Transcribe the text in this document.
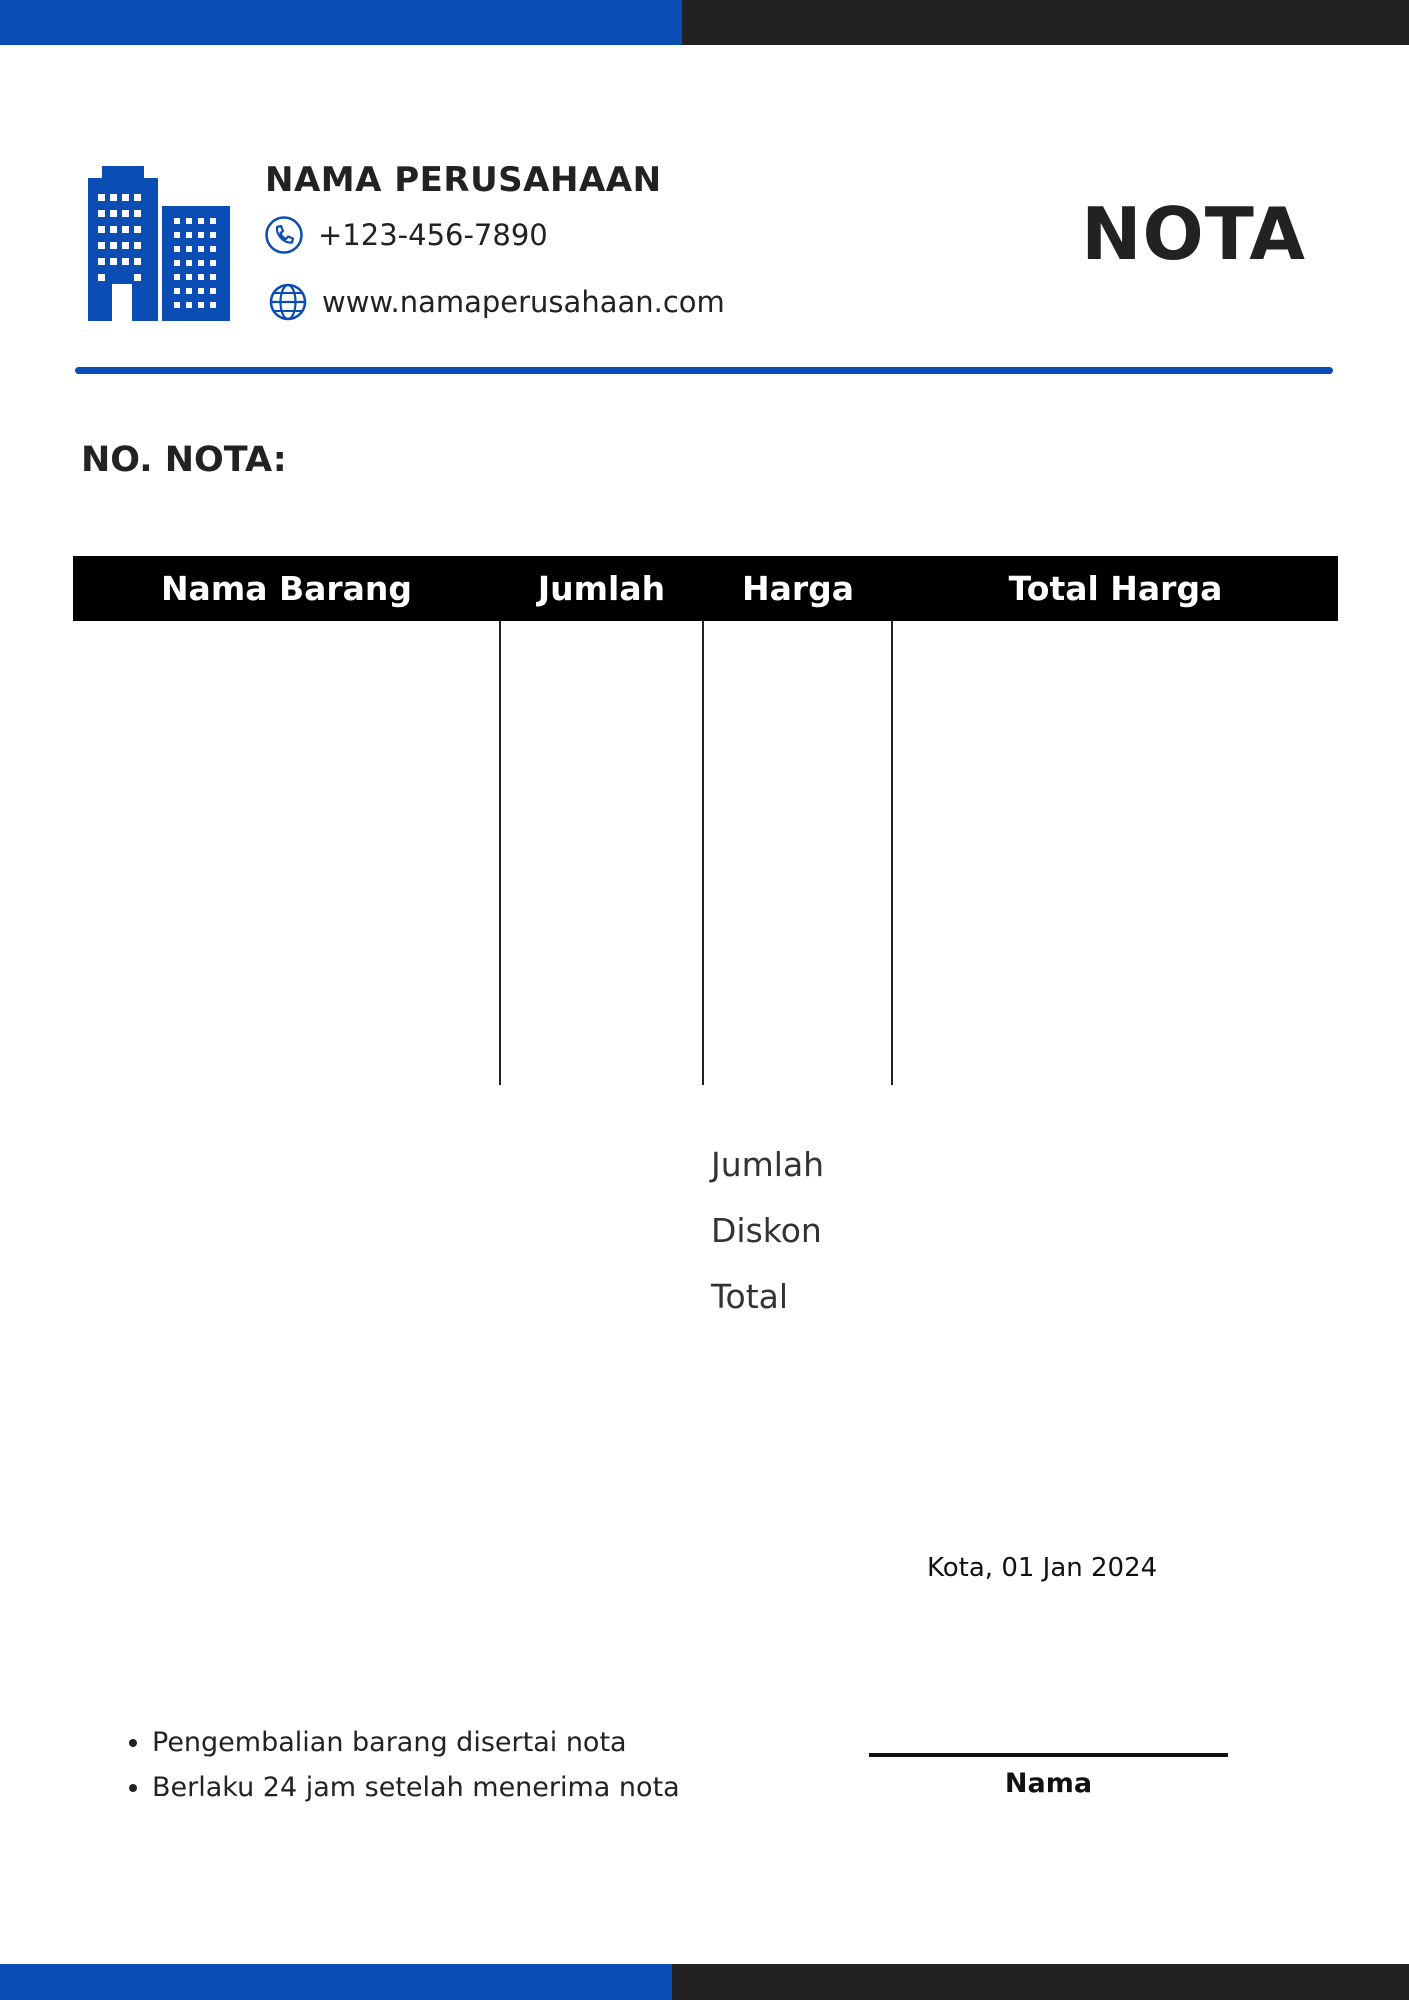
NAMA PERUSAHAAN
+123-456-7890
www.namaperusahaan.com
NOTA
NO. NOTA:
Nama Barang	Jumlah	Harga	Total Harga
Jumlah
Diskon
Total
Kota, 01 Jan 2024
• Pengembalian barang disertai nota
• Berlaku 24 jam setelah menerima nota	Nama
